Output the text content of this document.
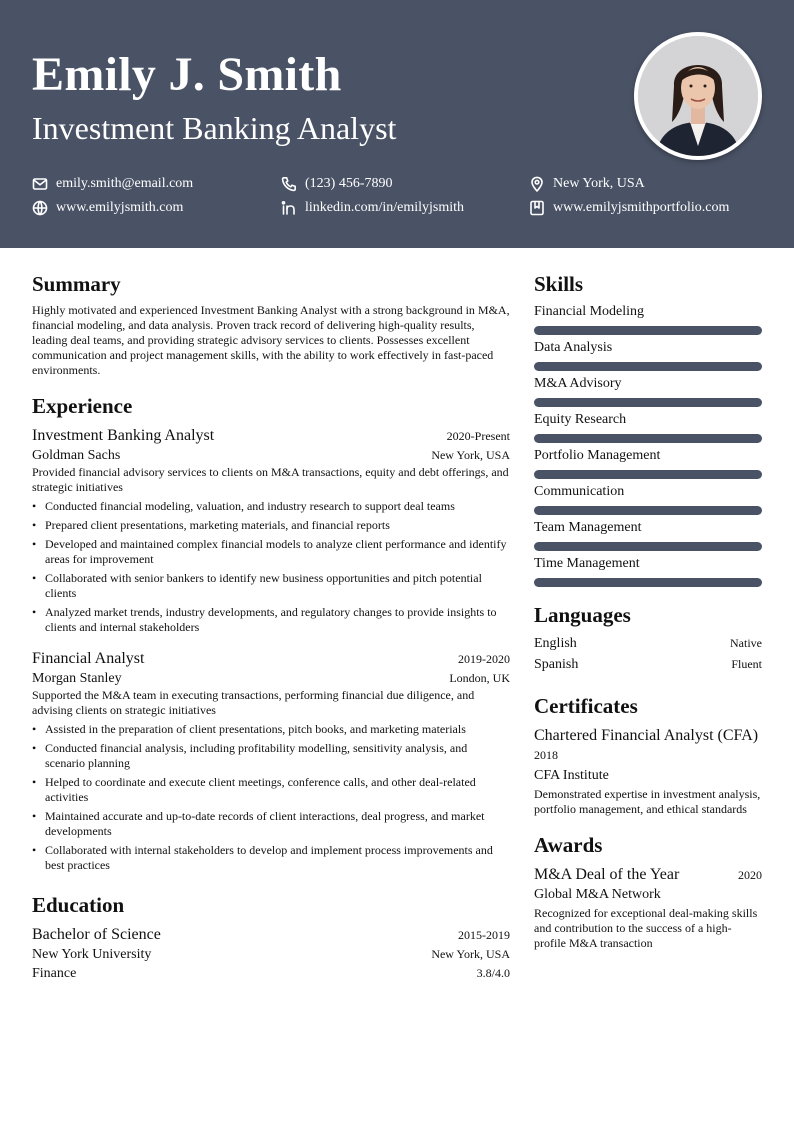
Emily J. Smith
Investment Banking Analyst
emily.smith@email.com	(123) 456-7890	New York, USA
www.emilyjsmith.com	linkedin.com/in/emilyjsmith	www.emilyjsmithportfolio.com
Summary

Highly motivated and experienced Investment Banking Analyst with a strong background in M&A, financial modeling, and data analysis. Proven track record of delivering high-quality results, leading deal teams, and providing strategic advisory services to clients. Possesses excellent communication and project management skills, with the ability to work effectively in fast-paced environments.

Experience
Investment Banking Analyst	2020-Present
Goldman Sachs	New York, USA

Provided financial advisory services to clients on M&A transactions, equity and debt offerings, and strategic initiatives

• Conducted financial modeling, valuation, and industry research to support deal teams
• Prepared client presentations, marketing materials, and financial reports
• Developed and maintained complex financial models to analyze client performance and identify areas for improvement
• Collaborated with senior bankers to identify new business opportunities and pitch potential clients
• Analyzed market trends, industry developments, and regulatory changes to provide insights to clients and internal stakeholders
Financial Analyst	2019-2020
Morgan Stanley	London, UK

Supported the M&A team in executing transactions, performing financial due diligence, and advising clients on strategic initiatives

• Assisted in the preparation of client presentations, pitch books, and marketing materials
• Conducted financial analysis, including profitability modelling, sensitivity analysis, and scenario planning
• Helped to coordinate and execute client meetings, conference calls, and other deal-related activities
• Maintained accurate and up-to-date records of client interactions, deal progress, and market developments
• Collaborated with internal stakeholders to develop and implement process improvements and best practices
Education
Bachelor of Science	2015-2019
New York University	New York, USA
Finance	3.8/4.0
Skills
Financial Modeling
Data Analysis
M&A Advisory
Equity Research
Portfolio Management
Communication
Team Management
Time Management
Languages
English	Native
Spanish	Fluent
Certificates
Chartered Financial Analyst (CFA)
2018
CFA Institute

Demonstrated expertise in investment analysis, portfolio management, and ethical standards

Awards
M&A Deal of the Year	2020
Global M&A Network

Recognized for exceptional deal-making skills and contribution to the success of a high-profile M&A transaction
